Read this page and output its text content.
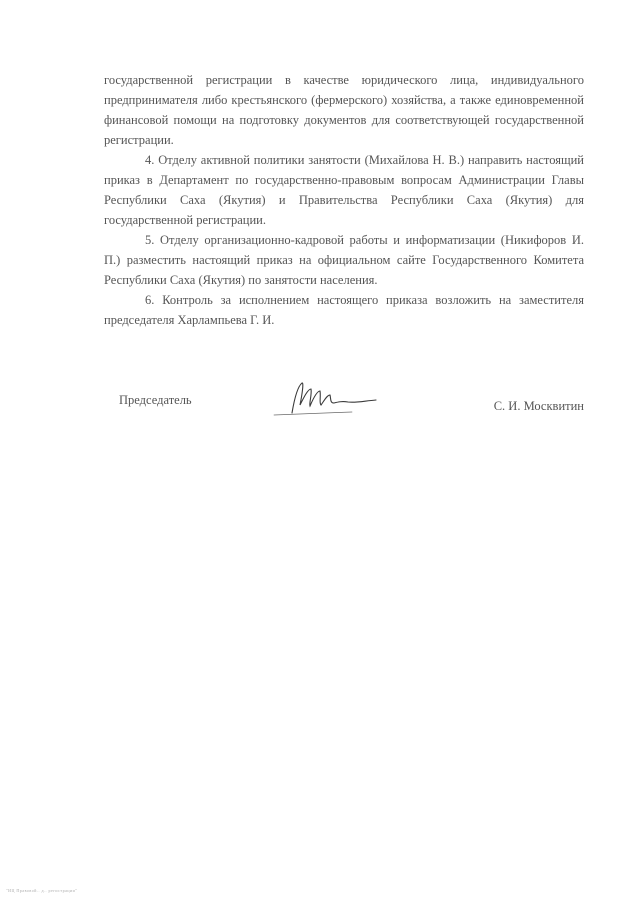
государственной регистрации в качестве юридического лица, индивидуального предпринимателя либо крестьянского (фермерского) хозяйства, а также единовременной финансовой помощи на подготовку документов для соответствующей государственной регистрации.

4. Отделу активной политики занятости (Михайлова Н. В.) направить настоящий приказ в Департамент по государственно-правовым вопросам Администрации Главы Республики Саха (Якутия) и Правительства Республики Саха (Якутия) для государственной регистрации.

5. Отделу организационно-кадровой работы и информатизации (Никифоров И. П.) разместить настоящий приказ на официальном сайте Государственного Комитета Республики Саха (Якутия) по занятости населения.

6. Контроль за исполнением настоящего приказа возложить на заместителя председателя Харлампьева Г. И.

Председатель	С. И. Москвитин
"ИЦ Правовой.. д.. регистрации"
